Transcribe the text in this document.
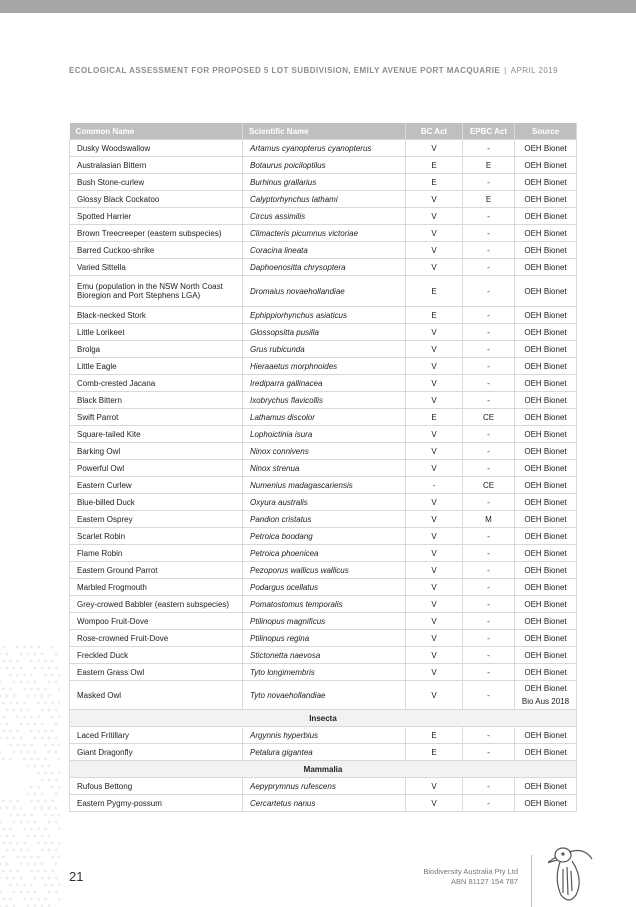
ECOLOGICAL ASSESSMENT FOR PROPOSED 5 LOT SUBDIVISION, EMILY AVENUE PORT MACQUARIE | APRIL 2019
Common Name	Scientific Name	BC Act	EPBC Act	Source
Dusky Woodswallow	Artamus cyanopterus cyanopterus	V	-	OEH Bionet
Australasian Bittern	Botaurus poiciloptilus	E	E	OEH Bionet
Bush Stone-curlew	Burhinus grallarius	E	-	OEH Bionet
Glossy Black Cockatoo	Calyptorhynchus lathami	V	E	OEH Bionet
Spotted Harrier	Circus assimilis	V	-	OEH Bionet
Brown Treecreeper (eastern subspecies)	Climacteris picumnus victoriae	V	-	OEH Bionet
Barred Cuckoo-shrike	Coracina lineata	V	-	OEH Bionet
Varied Sittella	Daphoenositta chrysoptera	V	-	OEH Bionet
Emu (population in the NSW North Coast Bioregion and Port Stephens LGA)	Dromaius novaehollandiae	E	-	OEH Bionet
Black-necked Stork	Ephippiorhynchus asiaticus	E	-	OEH Bionet
Little Lorikeet	Glossopsitta pusilla	V	-	OEH Bionet
Brolga	Grus rubicunda	V	-	OEH Bionet
Little Eagle	Hieraaetus morphnoides	V	-	OEH Bionet
Comb-crested Jacana	Irediparra gallinacea	V	-	OEH Bionet
Black Bittern	Ixobrychus flavicollis	V	-	OEH Bionet
Swift Parrot	Lathamus discolor	E	CE	OEH Bionet
Square-tailed Kite	Lophoictinia isura	V	-	OEH Bionet
Barking Owl	Ninox connivens	V	-	OEH Bionet
Powerful Owl	Ninox strenua	V	-	OEH Bionet
Eastern Curlew	Numenius madagascariensis	-	CE	OEH Bionet
Blue-billed Duck	Oxyura australis	V	-	OEH Bionet
Eastern Osprey	Pandion cristatus	V	M	OEH Bionet
Scarlet Robin	Petroica boodang	V	-	OEH Bionet
Flame Robin	Petroica phoenicea	V	-	OEH Bionet
Eastern Ground Parrot	Pezoporus wallicus wallicus	V	-	OEH Bionet
Marbled Frogmouth	Podargus ocellatus	V	-	OEH Bionet
Grey-crowed Babbler (eastern subspecies)	Pomatostomus temporalis	V	-	OEH Bionet
Wompoo Fruit-Dove	Ptilinopus magnificus	V	-	OEH Bionet
Rose-crowned Fruit-Dove	Ptilinopus regina	V	-	OEH Bionet
Freckled Duck	Stictonetta naevosa	V	-	OEH Bionet
Eastern Grass Owl	Tyto longimembris	V	-	OEH Bionet
Masked Owl	Tyto novaehollandiae	V	-	OEH Bionet
Bio Aus 2018

Insecta				
Laced Fritillary	Argynnis hyperbius	E	-	OEH Bionet
Giant Dragonfly	Petalura gigantea	E	-	OEH Bionet
Mammalia				
Rufous Bettong	Aepyprymnus rufescens	V	-	OEH Bionet
Eastern Pygmy-possum	Cercartetus nanus	V	-	OEH Bionet
21	Biodiversity Australia Pty Ltd
ABN 81127 154 787
